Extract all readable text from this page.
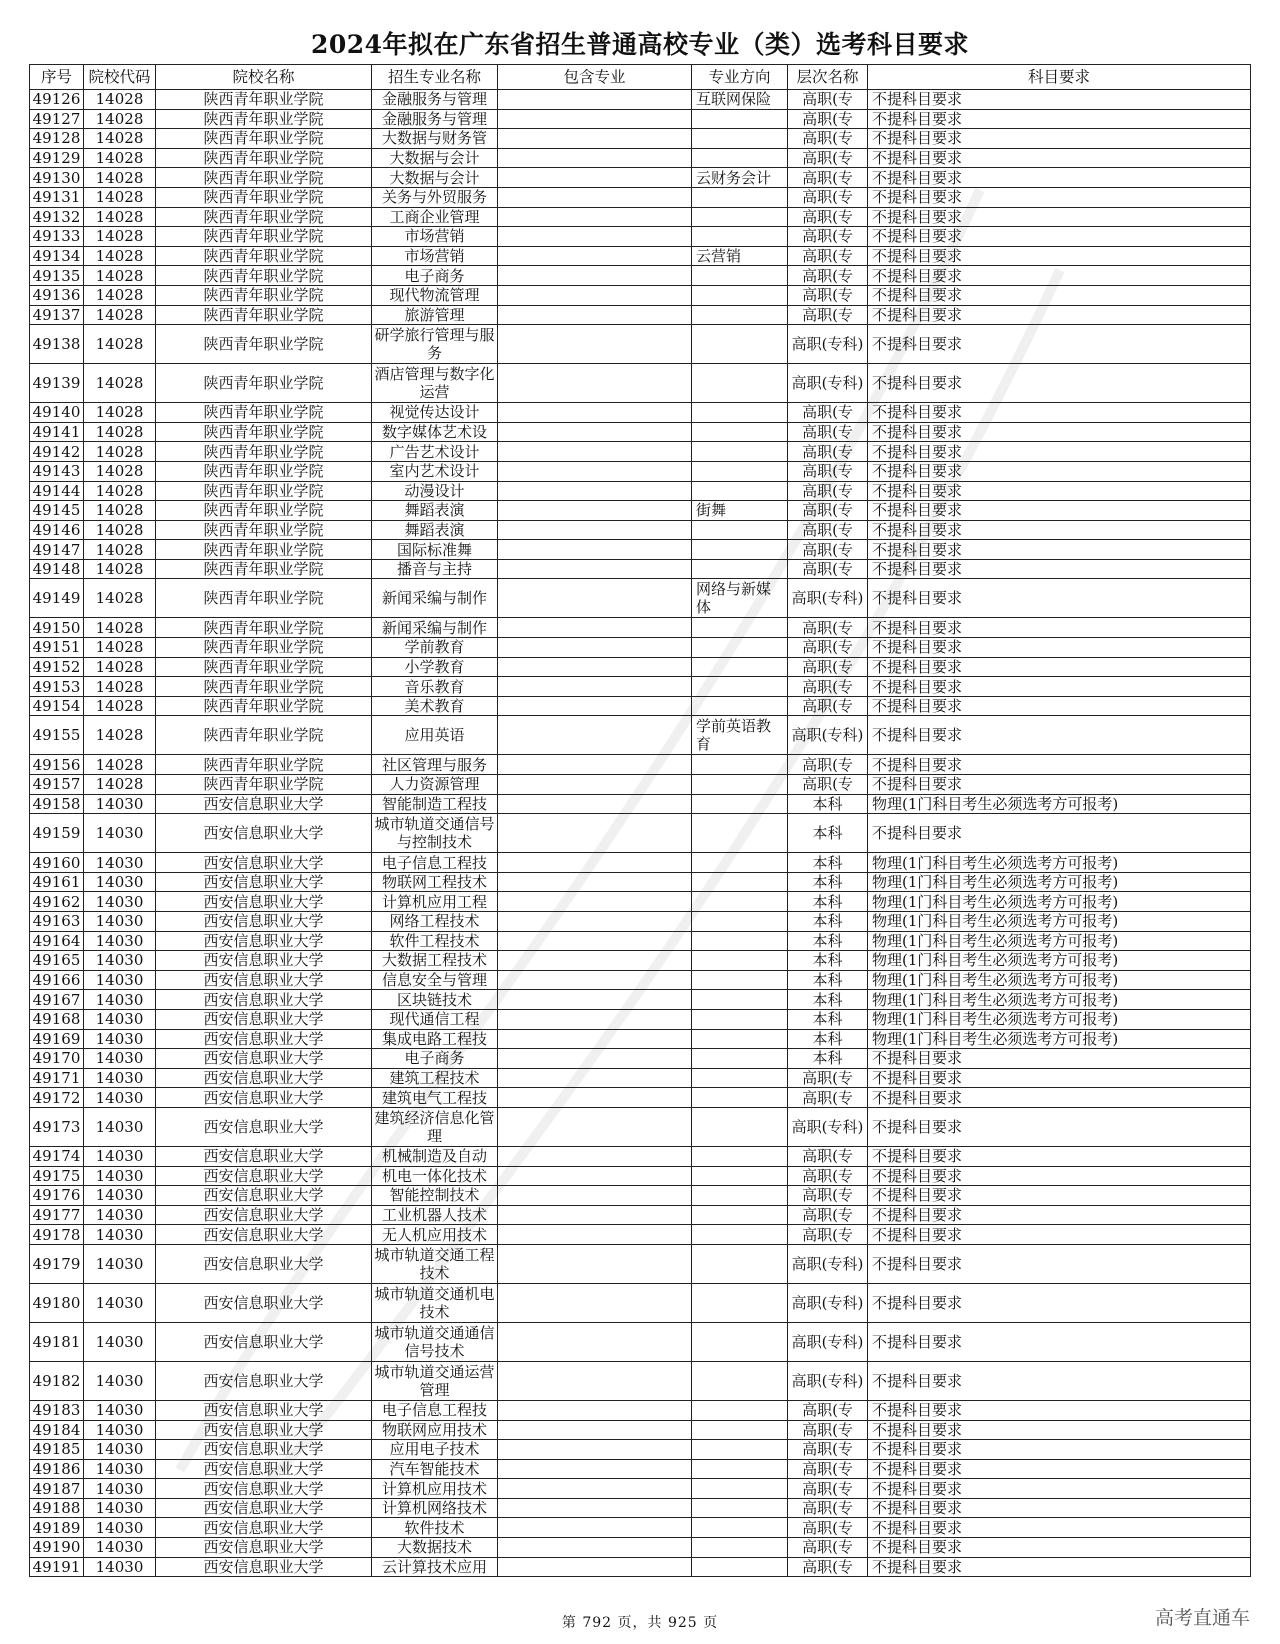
2024年拟在广东省招生普通高校专业（类）选考科目要求
序号	院校代码	院校名称	招生专业名称	包含专业	专业方向	层次名称	科目要求
49126	14028	陕西青年职业学院	金融服务与管理		互联网保险	高职(专	不提科目要求
49127	14028	陕西青年职业学院	金融服务与管理			高职(专	不提科目要求
49128	14028	陕西青年职业学院	大数据与财务管			高职(专	不提科目要求
49129	14028	陕西青年职业学院	大数据与会计			高职(专	不提科目要求
49130	14028	陕西青年职业学院	大数据与会计		云财务会计	高职(专	不提科目要求
49131	14028	陕西青年职业学院	关务与外贸服务			高职(专	不提科目要求
49132	14028	陕西青年职业学院	工商企业管理			高职(专	不提科目要求
49133	14028	陕西青年职业学院	市场营销			高职(专	不提科目要求
49134	14028	陕西青年职业学院	市场营销		云营销	高职(专	不提科目要求
49135	14028	陕西青年职业学院	电子商务			高职(专	不提科目要求
49136	14028	陕西青年职业学院	现代物流管理			高职(专	不提科目要求
49137	14028	陕西青年职业学院	旅游管理			高职(专	不提科目要求
49138	14028	陕西青年职业学院	研学旅行管理与服务			高职(专科)	不提科目要求
49139	14028	陕西青年职业学院	酒店管理与数字化运营			高职(专科)	不提科目要求
49140	14028	陕西青年职业学院	视觉传达设计			高职(专	不提科目要求
49141	14028	陕西青年职业学院	数字媒体艺术设			高职(专	不提科目要求
49142	14028	陕西青年职业学院	广告艺术设计			高职(专	不提科目要求
49143	14028	陕西青年职业学院	室内艺术设计			高职(专	不提科目要求
49144	14028	陕西青年职业学院	动漫设计			高职(专	不提科目要求
49145	14028	陕西青年职业学院	舞蹈表演		街舞	高职(专	不提科目要求
49146	14028	陕西青年职业学院	舞蹈表演			高职(专	不提科目要求
49147	14028	陕西青年职业学院	国际标准舞			高职(专	不提科目要求
49148	14028	陕西青年职业学院	播音与主持			高职(专	不提科目要求
49149	14028	陕西青年职业学院	新闻采编与制作		网络与新媒体	高职(专科)	不提科目要求
49150	14028	陕西青年职业学院	新闻采编与制作			高职(专	不提科目要求
49151	14028	陕西青年职业学院	学前教育			高职(专	不提科目要求
49152	14028	陕西青年职业学院	小学教育			高职(专	不提科目要求
49153	14028	陕西青年职业学院	音乐教育			高职(专	不提科目要求
49154	14028	陕西青年职业学院	美术教育			高职(专	不提科目要求
49155	14028	陕西青年职业学院	应用英语		学前英语教育	高职(专科)	不提科目要求
49156	14028	陕西青年职业学院	社区管理与服务			高职(专	不提科目要求
49157	14028	陕西青年职业学院	人力资源管理			高职(专	不提科目要求
49158	14030	西安信息职业大学	智能制造工程技			本科	物理(1门科目考生必须选考方可报考)
49159	14030	西安信息职业大学	城市轨道交通信号与控制技术			本科	不提科目要求
49160	14030	西安信息职业大学	电子信息工程技			本科	物理(1门科目考生必须选考方可报考)
49161	14030	西安信息职业大学	物联网工程技术			本科	物理(1门科目考生必须选考方可报考)
49162	14030	西安信息职业大学	计算机应用工程			本科	物理(1门科目考生必须选考方可报考)
49163	14030	西安信息职业大学	网络工程技术			本科	物理(1门科目考生必须选考方可报考)
49164	14030	西安信息职业大学	软件工程技术			本科	物理(1门科目考生必须选考方可报考)
49165	14030	西安信息职业大学	大数据工程技术			本科	物理(1门科目考生必须选考方可报考)
49166	14030	西安信息职业大学	信息安全与管理			本科	物理(1门科目考生必须选考方可报考)
49167	14030	西安信息职业大学	区块链技术			本科	物理(1门科目考生必须选考方可报考)
49168	14030	西安信息职业大学	现代通信工程			本科	物理(1门科目考生必须选考方可报考)
49169	14030	西安信息职业大学	集成电路工程技			本科	物理(1门科目考生必须选考方可报考)
49170	14030	西安信息职业大学	电子商务			本科	不提科目要求
49171	14030	西安信息职业大学	建筑工程技术			高职(专	不提科目要求
49172	14030	西安信息职业大学	建筑电气工程技			高职(专	不提科目要求
49173	14030	西安信息职业大学	建筑经济信息化管理			高职(专科)	不提科目要求
49174	14030	西安信息职业大学	机械制造及自动			高职(专	不提科目要求
49175	14030	西安信息职业大学	机电一体化技术			高职(专	不提科目要求
49176	14030	西安信息职业大学	智能控制技术			高职(专	不提科目要求
49177	14030	西安信息职业大学	工业机器人技术			高职(专	不提科目要求
49178	14030	西安信息职业大学	无人机应用技术			高职(专	不提科目要求
49179	14030	西安信息职业大学	城市轨道交通工程技术			高职(专科)	不提科目要求
49180	14030	西安信息职业大学	城市轨道交通机电技术			高职(专科)	不提科目要求
49181	14030	西安信息职业大学	城市轨道交通通信信号技术			高职(专科)	不提科目要求
49182	14030	西安信息职业大学	城市轨道交通运营管理			高职(专科)	不提科目要求
49183	14030	西安信息职业大学	电子信息工程技			高职(专	不提科目要求
49184	14030	西安信息职业大学	物联网应用技术			高职(专	不提科目要求
49185	14030	西安信息职业大学	应用电子技术			高职(专	不提科目要求
49186	14030	西安信息职业大学	汽车智能技术			高职(专	不提科目要求
49187	14030	西安信息职业大学	计算机应用技术			高职(专	不提科目要求
49188	14030	西安信息职业大学	计算机网络技术			高职(专	不提科目要求
49189	14030	西安信息职业大学	软件技术			高职(专	不提科目要求
49190	14030	西安信息职业大学	大数据技术			高职(专	不提科目要求
49191	14030	西安信息职业大学	云计算技术应用			高职(专	不提科目要求
第 792 页，共 925 页	高考直通车
